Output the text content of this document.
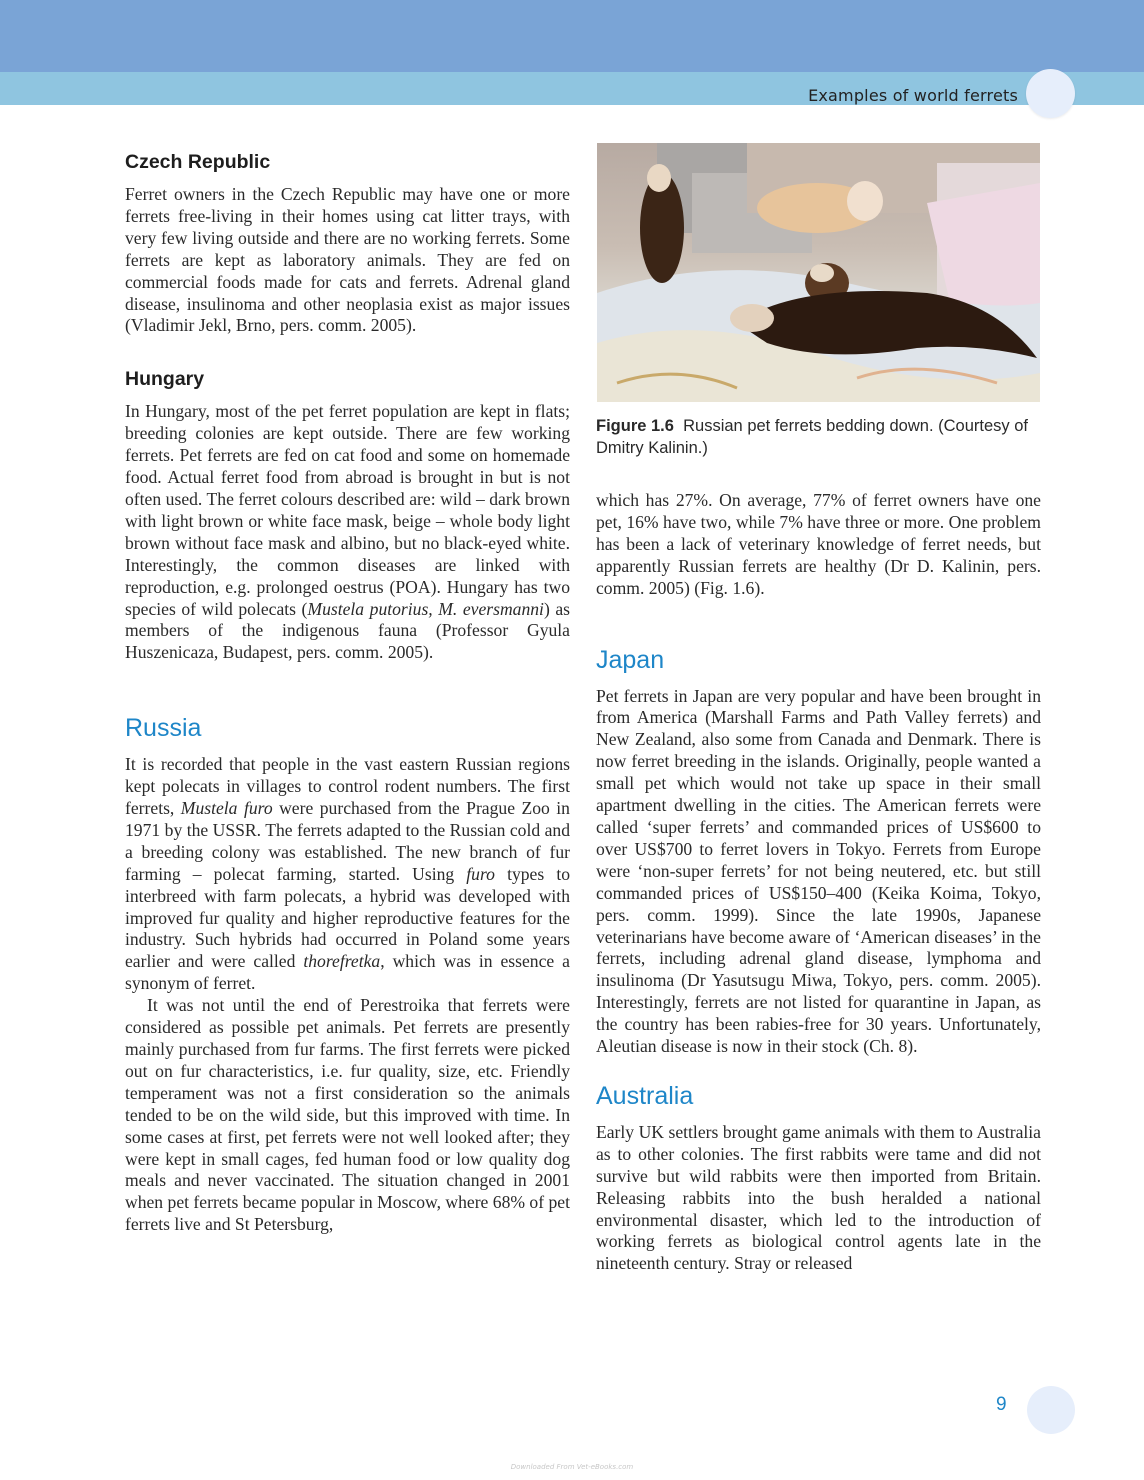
Examples of world ferrets
Figure 1.6 Russian pet ferrets bedding down. (Courtesy of Dmitry Kalinin.)
Czech Republic

Ferret owners in the Czech Republic may have one or more ferrets free-living in their homes using cat litter trays, with very few living outside and there are no working ferrets. Some ferrets are kept as laboratory animals. They are fed on commercial foods made for cats and ferrets. Adrenal gland disease, insulinoma and other neoplasia exist as major issues (Vladimir Jekl, Brno, pers. comm. 2005).

Hungary

In Hungary, most of the pet ferret population are kept in flats; breeding colonies are kept outside. There are few working ferrets. Pet ferrets are fed on cat food and some on homemade food. Actual ferret food from abroad is brought in but is not often used. The ferret colours described are: wild – dark brown with light brown or white face mask, beige – whole body light brown without face mask and albino, but no black-eyed white. Interestingly, the common diseases are linked with reproduction, e.g. prolonged oestrus (POA). Hungary has two species of wild polecats (Mustela putorius, M. eversmanni) as members of the indigenous fauna (Professor Gyula Huszenicaza, Budapest, pers. comm. 2005).

Russia

It is recorded that people in the vast eastern Russian regions kept polecats in villages to control rodent numbers. The first ferrets, Mustela furo were purchased from the Prague Zoo in 1971 by the USSR. The ferrets adapted to the Russian cold and a breeding colony was established. The new branch of fur farming – polecat farming, started. Using furo types to interbreed with farm polecats, a hybrid was developed with improved fur quality and higher reproductive features for the industry. Such hybrids had occurred in Poland some years earlier and were called thorefretka, which was in essence a synonym of ferret.

It was not until the end of Perestroika that ferrets were considered as possible pet animals. Pet ferrets are presently mainly purchased from fur farms. The first ferrets were picked out on fur characteristics, i.e. fur quality, size, etc. Friendly temperament was not a first consideration so the animals tended to be on the wild side, but this improved with time. In some cases at first, pet ferrets were not well looked after; they were kept in small cages, fed human food or low quality dog meals and never vaccinated. The situation changed in 2001 when pet ferrets became popular in Moscow, where 68% of pet ferrets live and St Petersburg,

which has 27%. On average, 77% of ferret owners have one pet, 16% have two, while 7% have three or more. One problem has been a lack of veterinary knowledge of ferret needs, but apparently Russian ferrets are healthy (Dr D. Kalinin, pers. comm. 2005) (Fig. 1.6).

Japan

Pet ferrets in Japan are very popular and have been brought in from America (Marshall Farms and Path Valley ferrets) and New Zealand, also some from Canada and Denmark. There is now ferret breeding in the islands. Originally, people wanted a small pet which would not take up space in their small apartment dwelling in the cities. The American ferrets were called ‘super ferrets’ and commanded prices of US$600 to over US$700 to ferret lovers in Tokyo. Ferrets from Europe were ‘non-super ferrets’ for not being neutered, etc. but still commanded prices of US$150–400 (Keika Koima, Tokyo, pers. comm. 1999). Since the late 1990s, Japanese veterinarians have become aware of ‘American diseases’ in the ferrets, including adrenal gland disease, lymphoma and insulinoma (Dr Yasutsugu Miwa, Tokyo, pers. comm. 2005). Interestingly, ferrets are not listed for quarantine in Japan, as the country has been rabies-free for 30 years. Unfortunately, Aleutian disease is now in their stock (Ch. 8).

Australia

Early UK settlers brought game animals with them to Australia as to other colonies. The first rabbits were tame and did not survive but wild rabbits were then imported from Britain. Releasing rabbits into the bush heralded a national environmental disaster, which led to the introduction of working ferrets as biological control agents late in the nineteenth century. Stray or released

9
Downloaded From Vet-eBooks.com
